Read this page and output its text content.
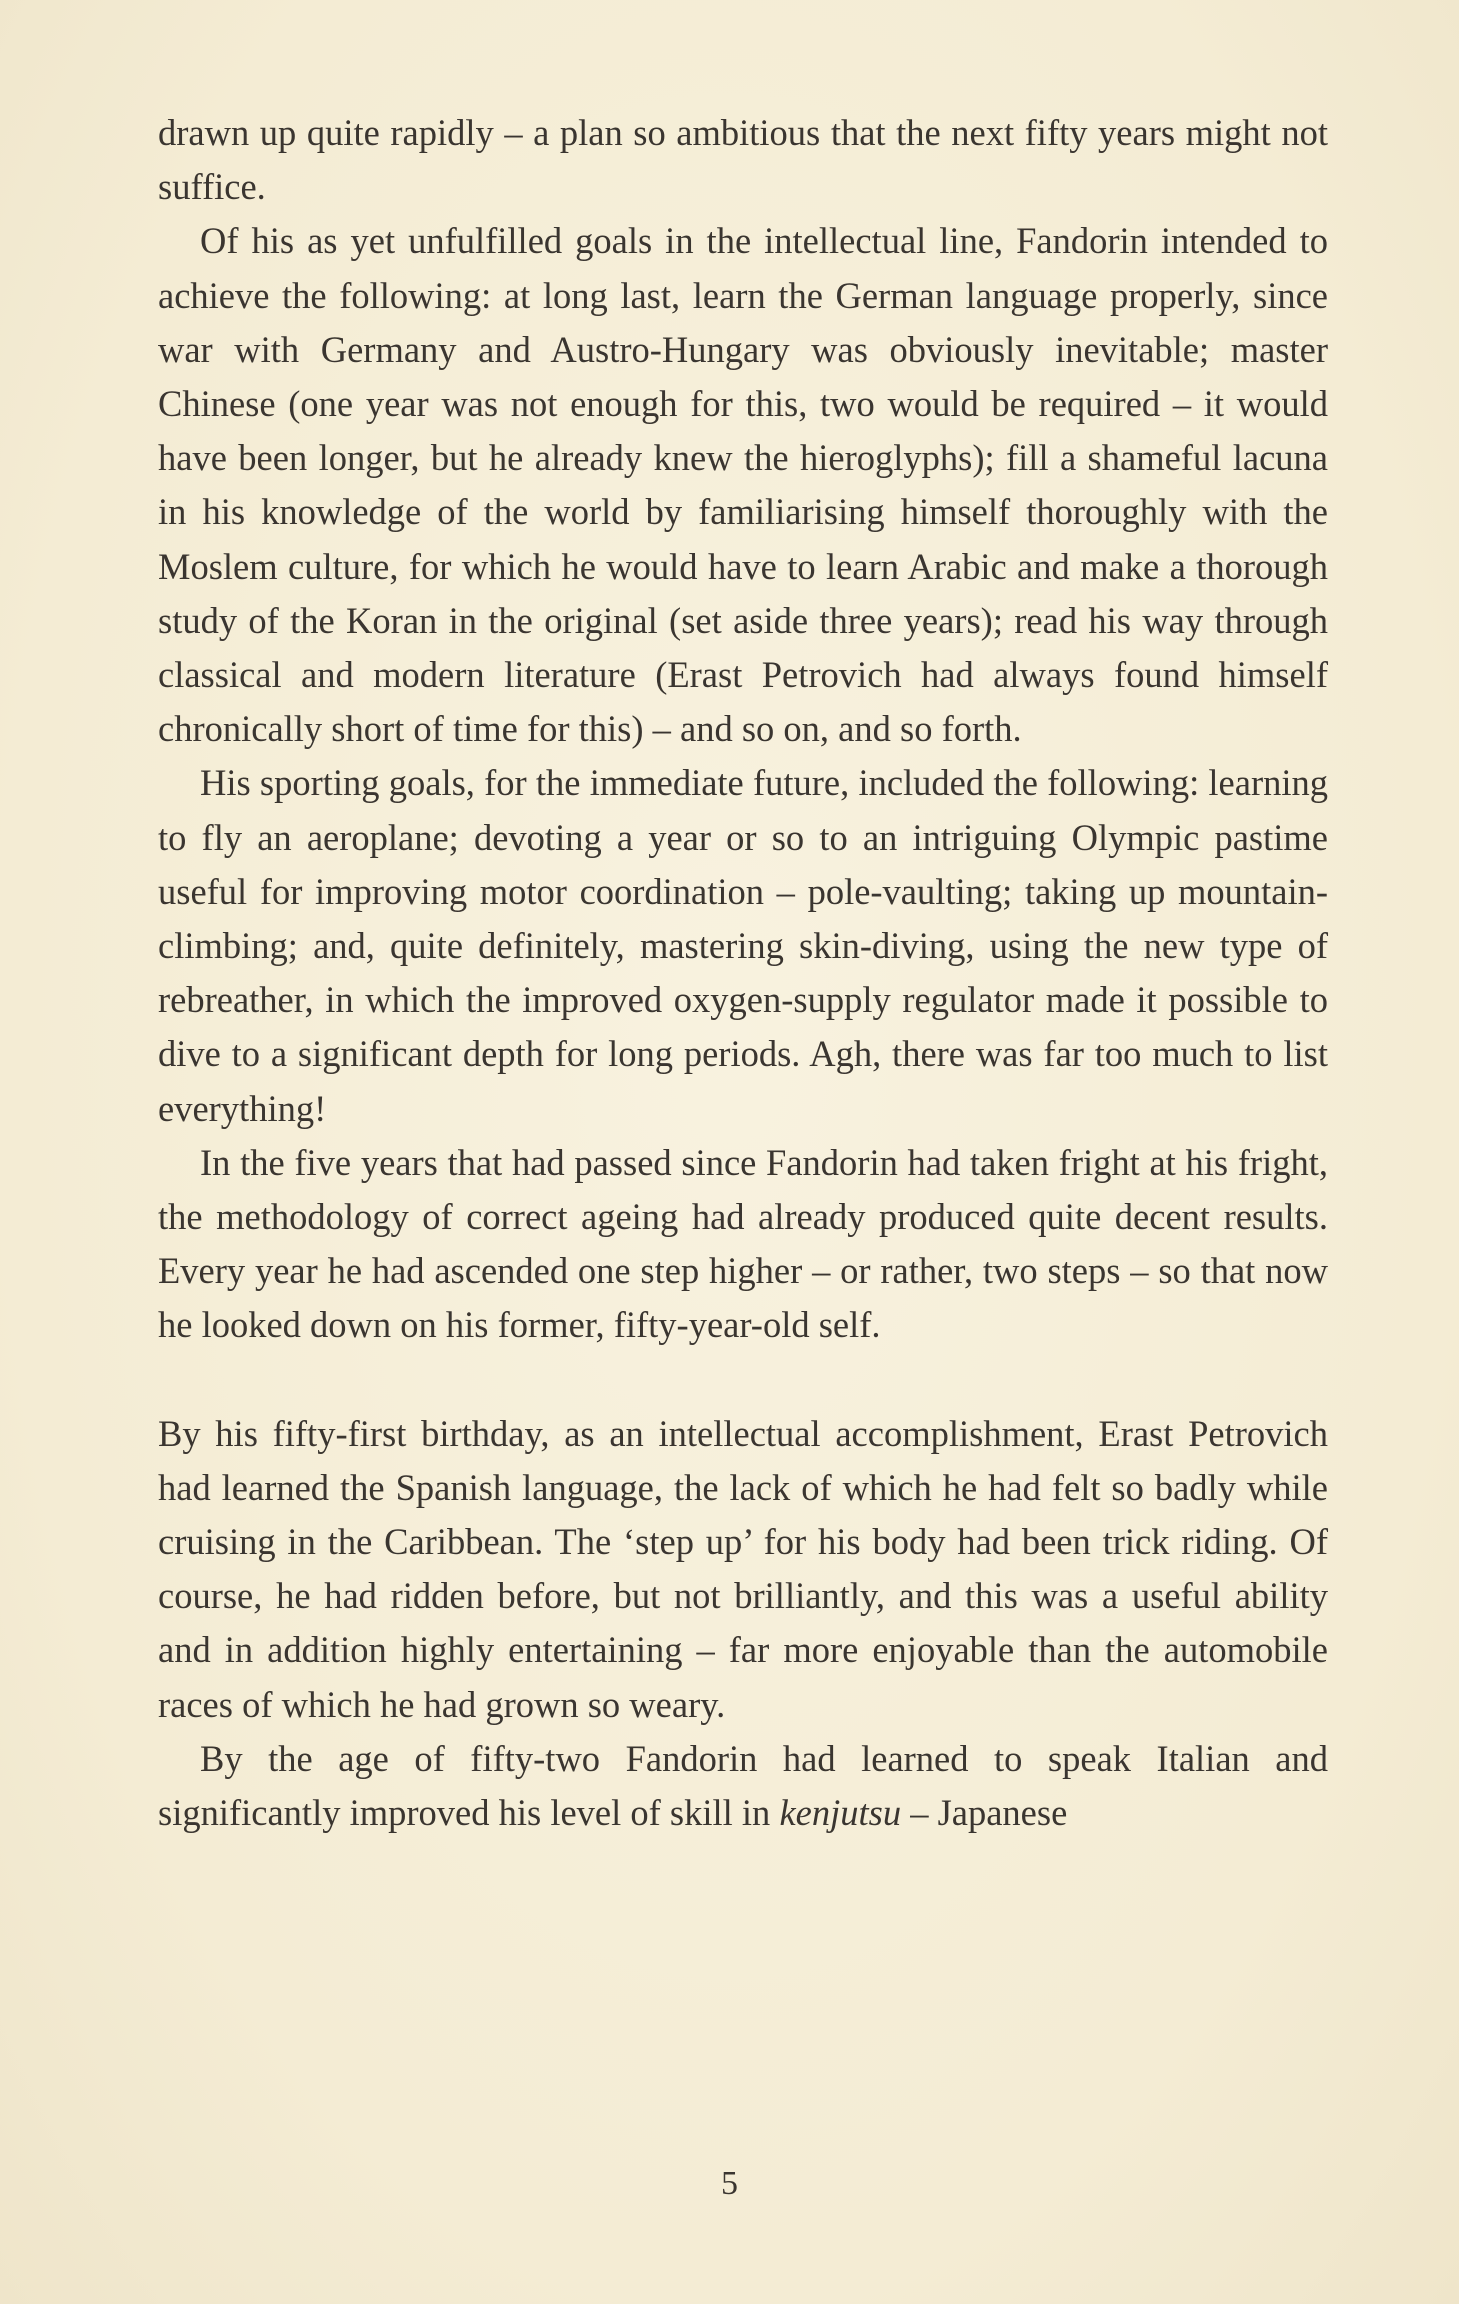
drawn up quite rapidly – a plan so ambitious that the next fifty years might not suffice.

Of his as yet unfulfilled goals in the intellectual line, Fandorin intended to achieve the following: at long last, learn the German language properly, since war with Germany and Austro-Hungary was obviously inevitable; master Chinese (one year was not enough for this, two would be required – it would have been longer, but he already knew the hieroglyphs); fill a shameful lacuna in his knowledge of the world by familiarising himself thoroughly with the Moslem culture, for which he would have to learn Arabic and make a thorough study of the Koran in the original (set aside three years); read his way through classical and modern literature (Erast Petrovich had always found himself chronically short of time for this) – and so on, and so forth.

His sporting goals, for the immediate future, included the following: learning to fly an aeroplane; devoting a year or so to an intriguing Olympic pastime useful for improving motor coordination – pole-vaulting; taking up mountain-climbing; and, quite definitely, mastering skin-diving, using the new type of rebreather, in which the improved oxygen-supply regulator made it possible to dive to a significant depth for long periods. Agh, there was far too much to list everything!

In the five years that had passed since Fandorin had taken fright at his fright, the methodology of correct ageing had already produced quite decent results. Every year he had ascended one step higher – or rather, two steps – so that now he looked down on his former, fifty-year-old self.

By his fifty-first birthday, as an intellectual accomplishment, Erast Petrovich had learned the Spanish language, the lack of which he had felt so badly while cruising in the Caribbean. The ‘step up’ for his body had been trick riding. Of course, he had ridden before, but not brilliantly, and this was a useful ability and in addition highly entertaining – far more enjoyable than the automobile races of which he had grown so weary.

By the age of fifty-two Fandorin had learned to speak Italian and significantly improved his level of skill in kenjutsu – Japanese

5
